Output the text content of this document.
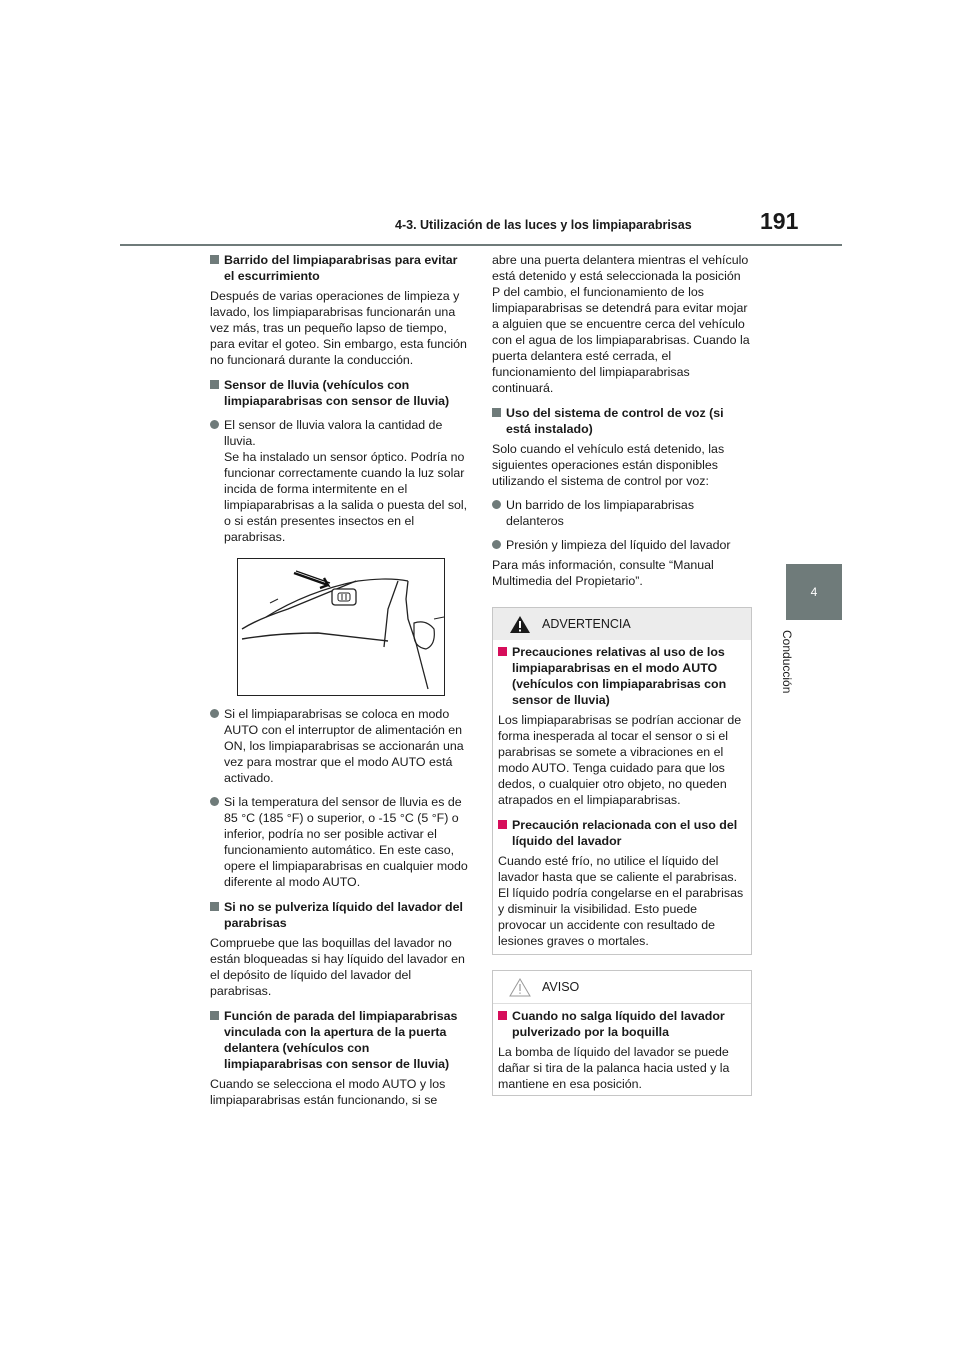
4-3. Utilización de las luces y los limpiaparabrisas	191
4
Conducción
Barrido del limpiaparabrisas para evitar el escurrimiento
Después de varias operaciones de limpieza y lavado, los limpiaparabrisas funcionarán una vez más, tras un pequeño lapso de tiempo, para evitar el goteo. Sin embargo, esta función no funcionará durante la conducción.
Sensor de lluvia (vehículos con limpiaparabrisas con sensor de lluvia)
El sensor de lluvia valora la cantidad de lluvia.
Se ha instalado un sensor óptico. Podría no funcionar correctamente cuando la luz solar incida de forma intermitente en el limpiaparabrisas a la salida o puesta del sol, o si están presentes insectos en el parabrisas.
Si el limpiaparabrisas se coloca en modo AUTO con el interruptor de alimentación en ON, los limpiaparabrisas se accionarán una vez para mostrar que el modo AUTO está activado.
Si la temperatura del sensor de lluvia es de 85 °C (185 °F) o superior, o -15 °C (5 °F) o inferior, podría no ser posible activar el funcionamiento automático. En este caso, opere el limpiaparabrisas en cualquier modo diferente al modo AUTO.
Si no se pulveriza líquido del lavador del parabrisas
Compruebe que las boquillas del lavador no están bloqueadas si hay líquido del lavador en el depósito de líquido del lavador del parabrisas.
Función de parada del limpiaparabrisas vinculada con la apertura de la puerta delantera (vehículos con limpiaparabrisas con sensor de lluvia)
Cuando se selecciona el modo AUTO y los limpiaparabrisas están funcionando, si se
abre una puerta delantera mientras el vehículo está detenido y está seleccionada la posición P del cambio, el funcionamiento de los limpiaparabrisas se detendrá para evitar mojar a alguien que se encuentre cerca del vehículo con el agua de los limpiaparabrisas. Cuando la puerta delantera esté cerrada, el funcionamiento del limpiaparabrisas continuará.
Uso del sistema de control de voz (si está instalado)
Solo cuando el vehículo está detenido, las siguientes operaciones están disponibles utilizando el sistema de control por voz:
Un barrido de los limpiaparabrisas delanteros
Presión y limpieza del líquido del lavador
Para más información, consulte “Manual Multimedia del Propietario”.
ADVERTENCIA
Precauciones relativas al uso de los limpiaparabrisas en el modo AUTO (vehículos con limpiaparabrisas con sensor de lluvia)
Los limpiaparabrisas se podrían accionar de forma inesperada al tocar el sensor o si el parabrisas se somete a vibraciones en el modo AUTO. Tenga cuidado para que los dedos, o cualquier otro objeto, no queden atrapados en el limpiaparabrisas.
Precaución relacionada con el uso del líquido del lavador
Cuando esté frío, no utilice el líquido del lavador hasta que se caliente el parabrisas. El líquido podría congelarse en el parabrisas y disminuir la visibilidad. Esto puede provocar un accidente con resultado de lesiones graves o mortales.
AVISO
Cuando no salga líquido del lavador pulverizado por la boquilla
La bomba de líquido del lavador se puede dañar si tira de la palanca hacia usted y la mantiene en esa posición.
